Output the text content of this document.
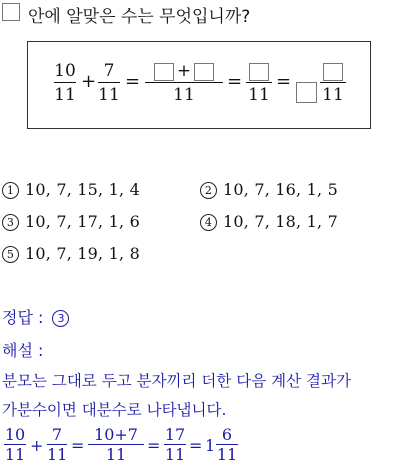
안에 알맞은 수는 무엇입니까?
10
11
+ 7
11
=	+
11
=
11
=
11
1 10, 7, 15, 1, 4	2 10, 7, 16, 1, 5
3 10, 7, 17, 1, 6	4 10, 7, 18, 1, 7
5 10, 7, 19, 1, 8
정답 : 3
해설 :
분모는 그대로 두고 분자끼리 더한 다음 계산 결과가
가분수이면 대분수로 나타냅니다.
10
11 +
7
11 =
10+7
11	=
17
11 = 1
6
11
